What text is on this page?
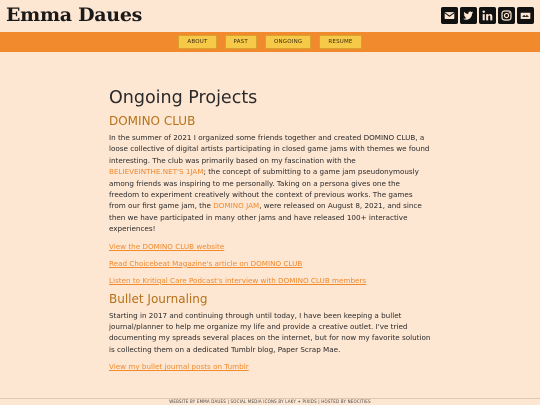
Emma Daues
ABOUT	PAST	ONGOING	RESUME
Ongoing Projects
DOMINO CLUB

In the summer of 2021 I organized some friends together and created DOMINO CLUB, a loose collective of digital artists participating in closed game jams with themes we found interesting. The club was primarily based on my fascination with the BELIEVEINTHE.NET'S 1JAM; the concept of submitting to a game jam pseudonymously among friends was inspiring to me personally. Taking on a persona gives one the freedom to experiment creatively without the context of previous works. The games from our first game jam, the DOMINO JAM, were released on August 8, 2021, and since then we have participated in many other jams and have released 100+ interactive experiences!

View the DOMINO CLUB website
Read Choicebeat Magazine's article on DOMINO CLUB
Listen to Kritiqal Care Podcast's interview with DOMINO CLUB members
Bullet Journaling

Starting in 2017 and continuing through until today, I have been keeping a bullet journal/planner to help me organize my life and provide a creative outlet. I've tried documenting my spreads several places on the internet, but for now my favorite solution is collecting them on a dedicated Tumblr blog, Paper Scrap Mae.

View my bullet journal posts on Tumblr
WEBSITE BY EMMA DAUES | SOCIAL MEDIA ICONS BY LAKY ✦ PIXIDS | HOSTED BY NEOCITIES
